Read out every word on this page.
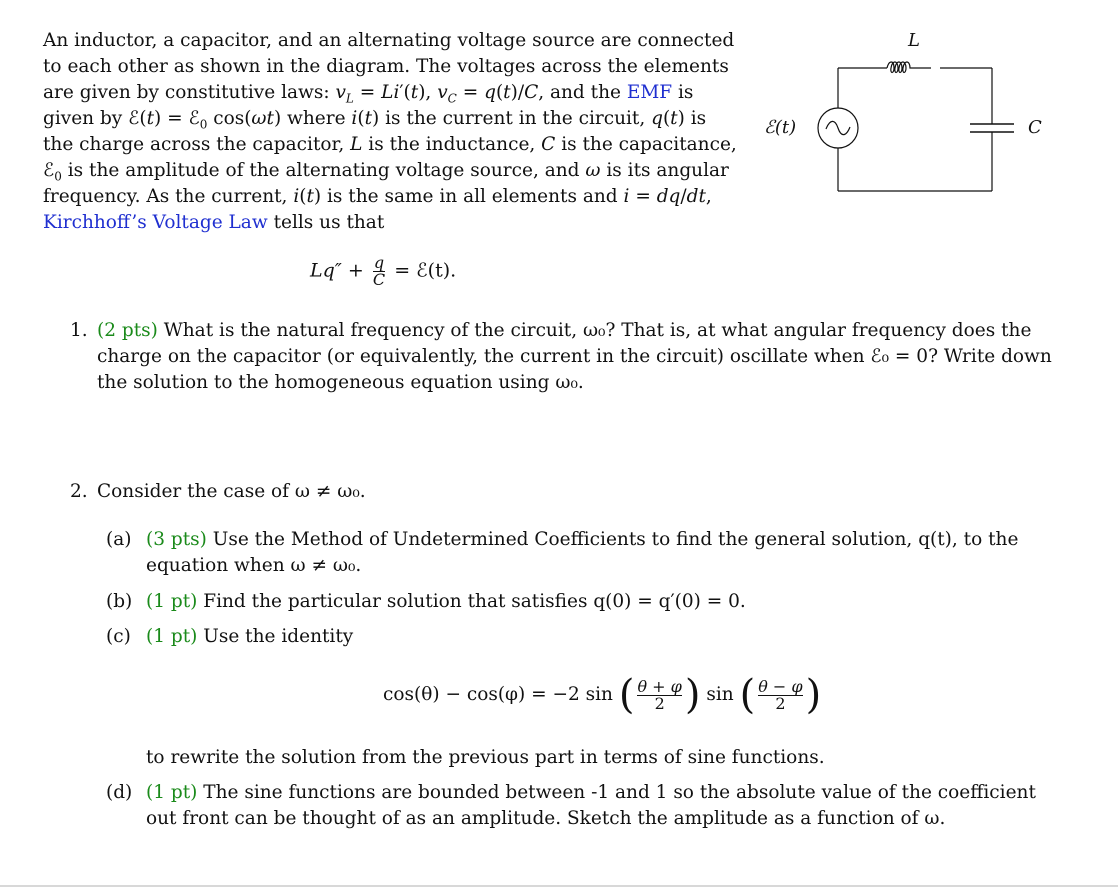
An inductor, a capacitor, and an alternating voltage source are connected
to each other as shown in the diagram. The voltages across the elements
are given by constitutive laws: $v_L = Li'(t)$, $v_C = q(t)/C$, and the EMF is
given by ℰ(t) = ℰ$_0$ cos(ωt) where i(t) is the current in the circuit, q(t) is
the charge across the capacitor, L is the inductance, C is the capacitance,
ℰ$_0$ is the amplitude of the alternating voltage source, and ω is its angular
frequency. As the current, i(t) is the same in all elements and i = dq/dt,
Kirchhoff’s Voltage Law tells us that
ℰ(t)
L
C
$Lq'' + \frac{q}{C}$ = ℰ(t).
1. (2 pts) What is the natural frequency of the circuit, ω₀? That is, at what angular frequency does the
charge on the capacitor (or equivalently, the current in the circuit) oscillate when ℰ₀ = 0? Write down
the solution to the homogeneous equation using ω₀.
2. Consider the case of ω ≠ ω₀.
(a) (3 pts) Use the Method of Undetermined Coefficients to find the general solution, q(t), to the
equation when ω ≠ ω₀.
(b) (1 pt) Find the particular solution that satisfies q(0) = q′(0) = 0.
(c) (1 pt) Use the identity
to rewrite the solution from the previous part in terms of sine functions.
(d) (1 pt) The sine functions are bounded between -1 and 1 so the absolute value of the coefficient
out front can be thought of as an amplitude. Sketch the amplitude as a function of ω.
cos(θ) − cos(φ) = −2 sin ( $\frac{\theta + \varphi}{2}$ ) sin ( $\frac{\theta - \varphi}{2}$ )
